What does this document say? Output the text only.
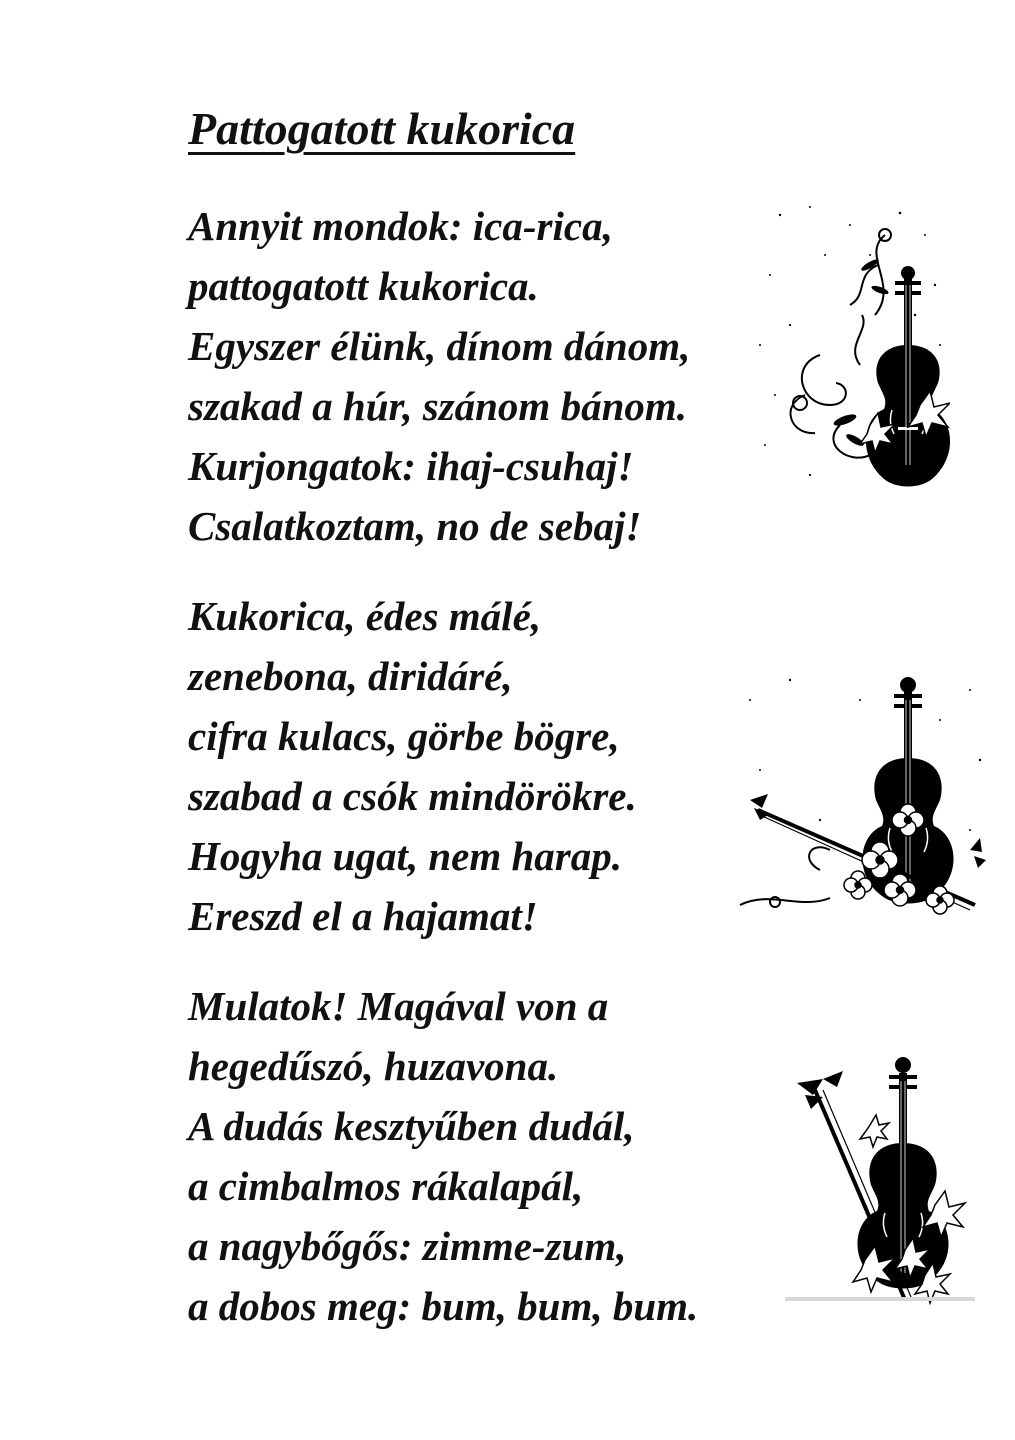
Pattogatott kukorica

Annyit mondok: ica-rica,
pattogatott kukorica.
Egyszer élünk, dínom dánom,
szakad a húr, szánom bánom.
Kurjongatok: ihaj-csuhaj!
Csalatkoztam, no de sebaj!

Kukorica, édes málé,
zenebona, diridáré,
cifra kulacs, görbe bögre,
szabad a csók mindörökre.
Hogyha ugat, nem harap.
Ereszd el a hajamat!

Mulatok! Magával von a
hegedűszó, huzavona.
A dudás kesztyűben dudál,
a cimbalmos rákalapál,
a nagybőgős: zimme-zum,
a dobos meg: bum, bum, bum.
